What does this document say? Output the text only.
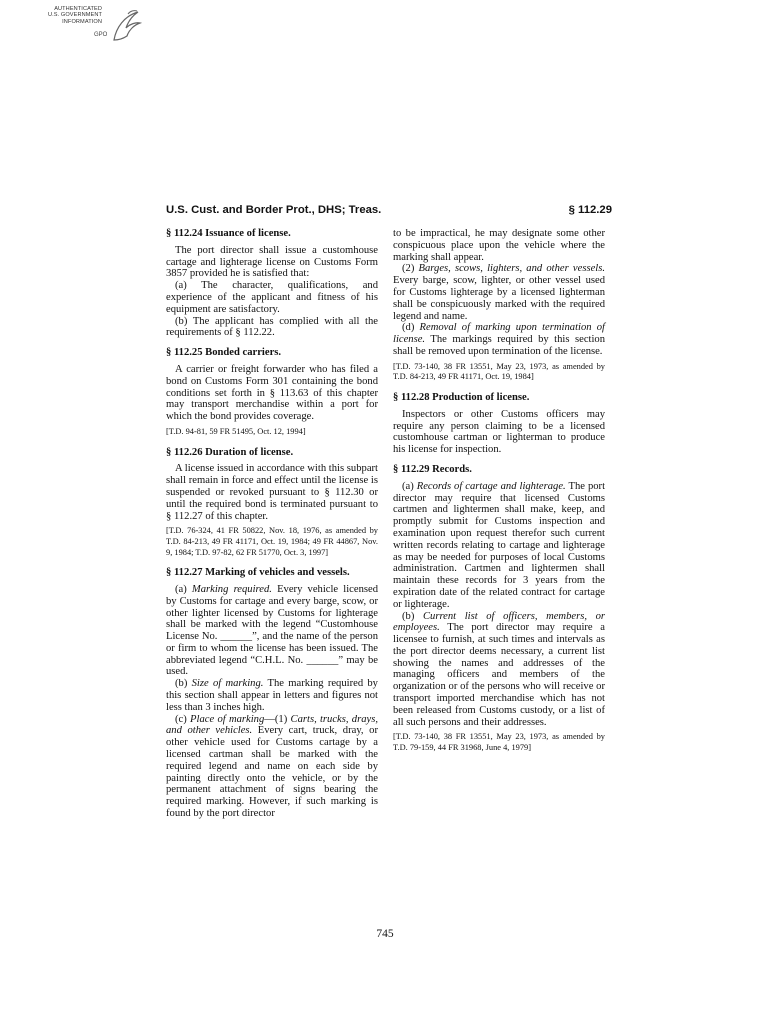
AUTHENTICATED
U.S. GOVERNMENT
INFORMATION
GPO
U.S. Cust. and Border Prot., DHS; Treas.	§ 112.29
§ 112.24 Issuance of license.

The port director shall issue a customhouse cartage and lighterage license on Customs Form 3857 provided he is satisfied that:

(a) The character, qualifications, and experience of the applicant and fitness of his equipment are satisfactory.

(b) The applicant has complied with all the requirements of § 112.22.

§ 112.25 Bonded carriers.

A carrier or freight forwarder who has filed a bond on Customs Form 301 containing the bond conditions set forth in § 113.63 of this chapter may transport merchandise within a port for which the bond provides coverage.

[T.D. 94-81, 59 FR 51495, Oct. 12, 1994]
§ 112.26 Duration of license.

A license issued in accordance with this subpart shall remain in force and effect until the license is suspended or revoked pursuant to § 112.30 or until the required bond is terminated pursuant to § 112.27 of this chapter.

[T.D. 76-324, 41 FR 50822, Nov. 18, 1976, as amended by T.D. 84-213, 49 FR 41171, Oct. 19, 1984; 49 FR 44867, Nov. 9, 1984; T.D. 97-82, 62 FR 51770, Oct. 3, 1997]
§ 112.27 Marking of vehicles and vessels.

(a) Marking required. Every vehicle licensed by Customs for cartage and every barge, scow, or other lighter licensed by Customs for lighterage shall be marked with the legend “Customhouse License No. ______”, and the name of the person or firm to whom the license has been issued. The abbreviated legend “C.H.L. No. ______” may be used.

(b) Size of marking. The marking required by this section shall appear in letters and figures not less than 3 inches high.

(c) Place of marking—(1) Carts, trucks, drays, and other vehicles. Every cart, truck, dray, or other vehicle used for Customs cartage by a licensed cartman shall be marked with the required legend and name on each side by painting directly onto the vehicle, or by the permanent attachment of signs bearing the required marking. However, if such marking is found by the port director

to be impractical, he may designate some other conspicuous place upon the vehicle where the marking shall appear.

(2) Barges, scows, lighters, and other vessels. Every barge, scow, lighter, or other vessel used for Customs lighterage by a licensed lighterman shall be conspicuously marked with the required legend and name.

(d) Removal of marking upon termination of license. The markings required by this section shall be removed upon termination of the license.

[T.D. 73-140, 38 FR 13551, May 23, 1973, as amended by T.D. 84-213, 49 FR 41171, Oct. 19, 1984]
§ 112.28 Production of license.

Inspectors or other Customs officers may require any person claiming to be a licensed customhouse cartman or lighterman to produce his license for inspection.

§ 112.29 Records.

(a) Records of cartage and lighterage. The port director may require that licensed Customs cartmen and lightermen shall make, keep, and promptly submit for Customs inspection and examination upon request therefor such current written records relating to cartage and lighterage as may be needed for purposes of local Customs administration. Cartmen and lightermen shall maintain these records for 3 years from the expiration date of the related contract for cartage or lighterage.

(b) Current list of officers, members, or employees. The port director may require a licensee to furnish, at such times and intervals as the port director deems necessary, a current list showing the names and addresses of the managing officers and members of the organization or of the persons who will receive or transport imported merchandise which has not been released from Customs custody, or a list of all such persons and their addresses.

[T.D. 73-140, 38 FR 13551, May 23, 1973, as amended by T.D. 79-159, 44 FR 31968, June 4, 1979]
745
